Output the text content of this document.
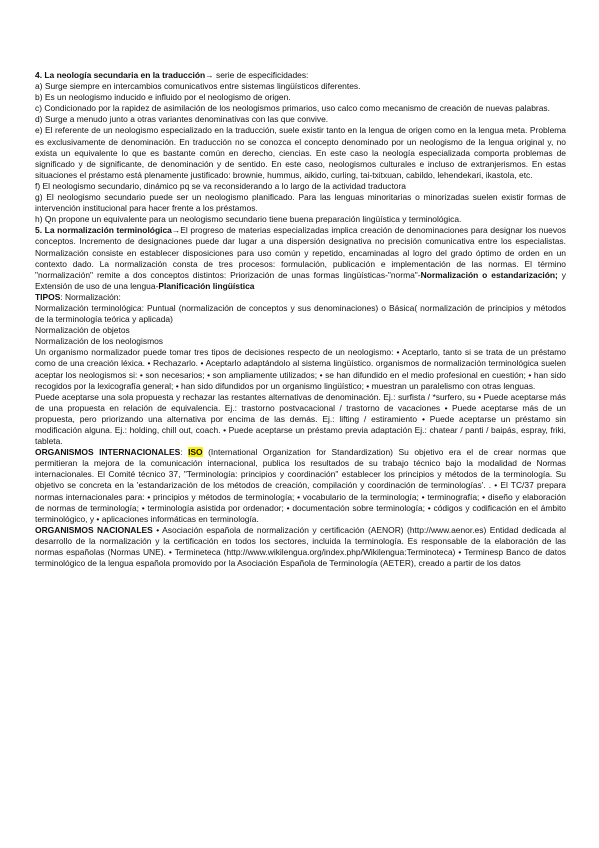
4. La neología secundaria en la traducción→ serie de especificidades:

a) Surge siempre en intercambios comunicativos entre sistemas lingüísticos diferentes.

b) Es un neologismo inducido e influido por el neologismo de origen.

c) Condicionado por la rapidez de asimilación de los neologismos primarios, uso calco como mecanismo de creación de nuevas palabras.

d) Surge a menudo junto a otras variantes denominativas con las que convive.

e) El referente de un neologismo especializado en la traducción, suele existir tanto en la lengua de origen como en la lengua meta. Problema es exclusivamente de denominación. En traducción no se conozca el concepto denominado por un neologismo de la lengua original y, no exista un equivalente lo que es bastante común en derecho, ciencias. En este caso la neología especializada comporta problemas de significado y de significante, de denominación y de sentido. En este caso, neologismos culturales e incluso de extranjerismos. En estas situaciones el préstamo está plenamente justificado: brownie, hummus, aikido, curling, tai-txitxuan, cabildo, lehendekari, ikastola, etc.

f) El neologismo secundario, dinámico pq se va reconsiderando a lo largo de la actividad traductora

g) El neologismo secundario puede ser un neologismo planificado. Para las lenguas minoritarias o minorizadas suelen existir formas de intervención institucional para hacer frente a los préstamos.

h) Qn propone un equivalente para un neologismo secundario tiene buena preparación lingüística y terminológica.

5. La normalización terminológica→El progreso de materias especializadas implica creación de denominaciones para designar los nuevos conceptos. Incremento de designaciones puede dar lugar a una dispersión designativa no precisión comunicativa entre los especialistas. Normalización consiste en establecer disposiciones para uso común y repetido, encaminadas al logro del grado óptimo de orden en un contexto dado. La normalización consta de tres procesos: formulación, publicación e implementación de las normas. El término "normalización" remite a dos conceptos distintos: Priorización de unas formas lingüísticas-"norma"-Normalización o estandarización; y Extensión de uso de una lengua-Planificación lingüística

TIPOS: Normalización:

Normalización terminológica: Puntual (normalización de conceptos y sus denominaciones) o Básica( normalización de principios y métodos de la terminología teórica y aplicada)

Normalización de objetos

Normalización de los neologismos

Un organismo normalizador puede tomar tres tipos de decisiones respecto de un neologismo: • Aceptarlo, tanto si se trata de un préstamo como de una creación léxica. • Rechazarlo. • Aceptarlo adaptándolo al sistema lingüístico. organismos de normalización terminológica suelen aceptar los neologismos si: • son necesarios; • son ampliamente utilizados; • se han difundido en el medio profesional en cuestión; • han sido recogidos por la lexicografía general; • han sido difundidos por un organismo lingüístico; • muestran un paralelismo con otras lenguas.

Puede aceptarse una sola propuesta y rechazar las restantes alternativas de denominación. Ej.: surfista / *surfero, su • Puede aceptarse más de una propuesta en relación de equivalencia. Ej.: trastorno postvacacional / trastorno de vacaciones • Puede aceptarse más de un propuesta, pero priorizando una alternativa por encima de las demás. Ej.: lifting / estiramiento • Puede aceptarse un préstamo sin modificación alguna. Ej.: holding, chill out, coach. • Puede aceptarse un préstamo previa adaptación Ej.: chatear / panti / baipás, espray, friki, tableta.

ORGANISMOS INTERNACIONALES: ISO (International Organization for Standardization) Su objetivo era el de crear normas que permitieran la mejora de la comunicación internacional, publica los resultados de su trabajo técnico bajo la modalidad de Normas internacionales. El Comité técnico 37, "Terminología: principios y coordinación" establecer los principios y métodos de la terminología. Su objetivo se concreta en la 'estandarización de los métodos de creación, compilación y coordinación de terminologías'. . • El TC/37 prepara normas internacionales para: • principios y métodos de terminología; • vocabulario de la terminología; • terminografía; • diseño y elaboración de normas de terminología; • terminología asistida por ordenador; • documentación sobre terminología; • códigos y codificación en el ámbito terminológico, y • aplicaciones informáticas en terminología.

ORGANISMOS NACIONALES • Asociación española de normalización y certificación (AENOR) (http://www.aenor.es) Entidad dedicada al desarrollo de la normalización y la certificación en todos los sectores, incluida la terminología. Es responsable de la elaboración de las normas españolas (Normas UNE). • Termineteca (http://www.wikilengua.org/index.php/Wikilengua:Terminoteca) • Terminesp Banco de datos terminológico de la lengua española promovido por la Asociación Española de Terminología (AETER), creado a partir de los datos
